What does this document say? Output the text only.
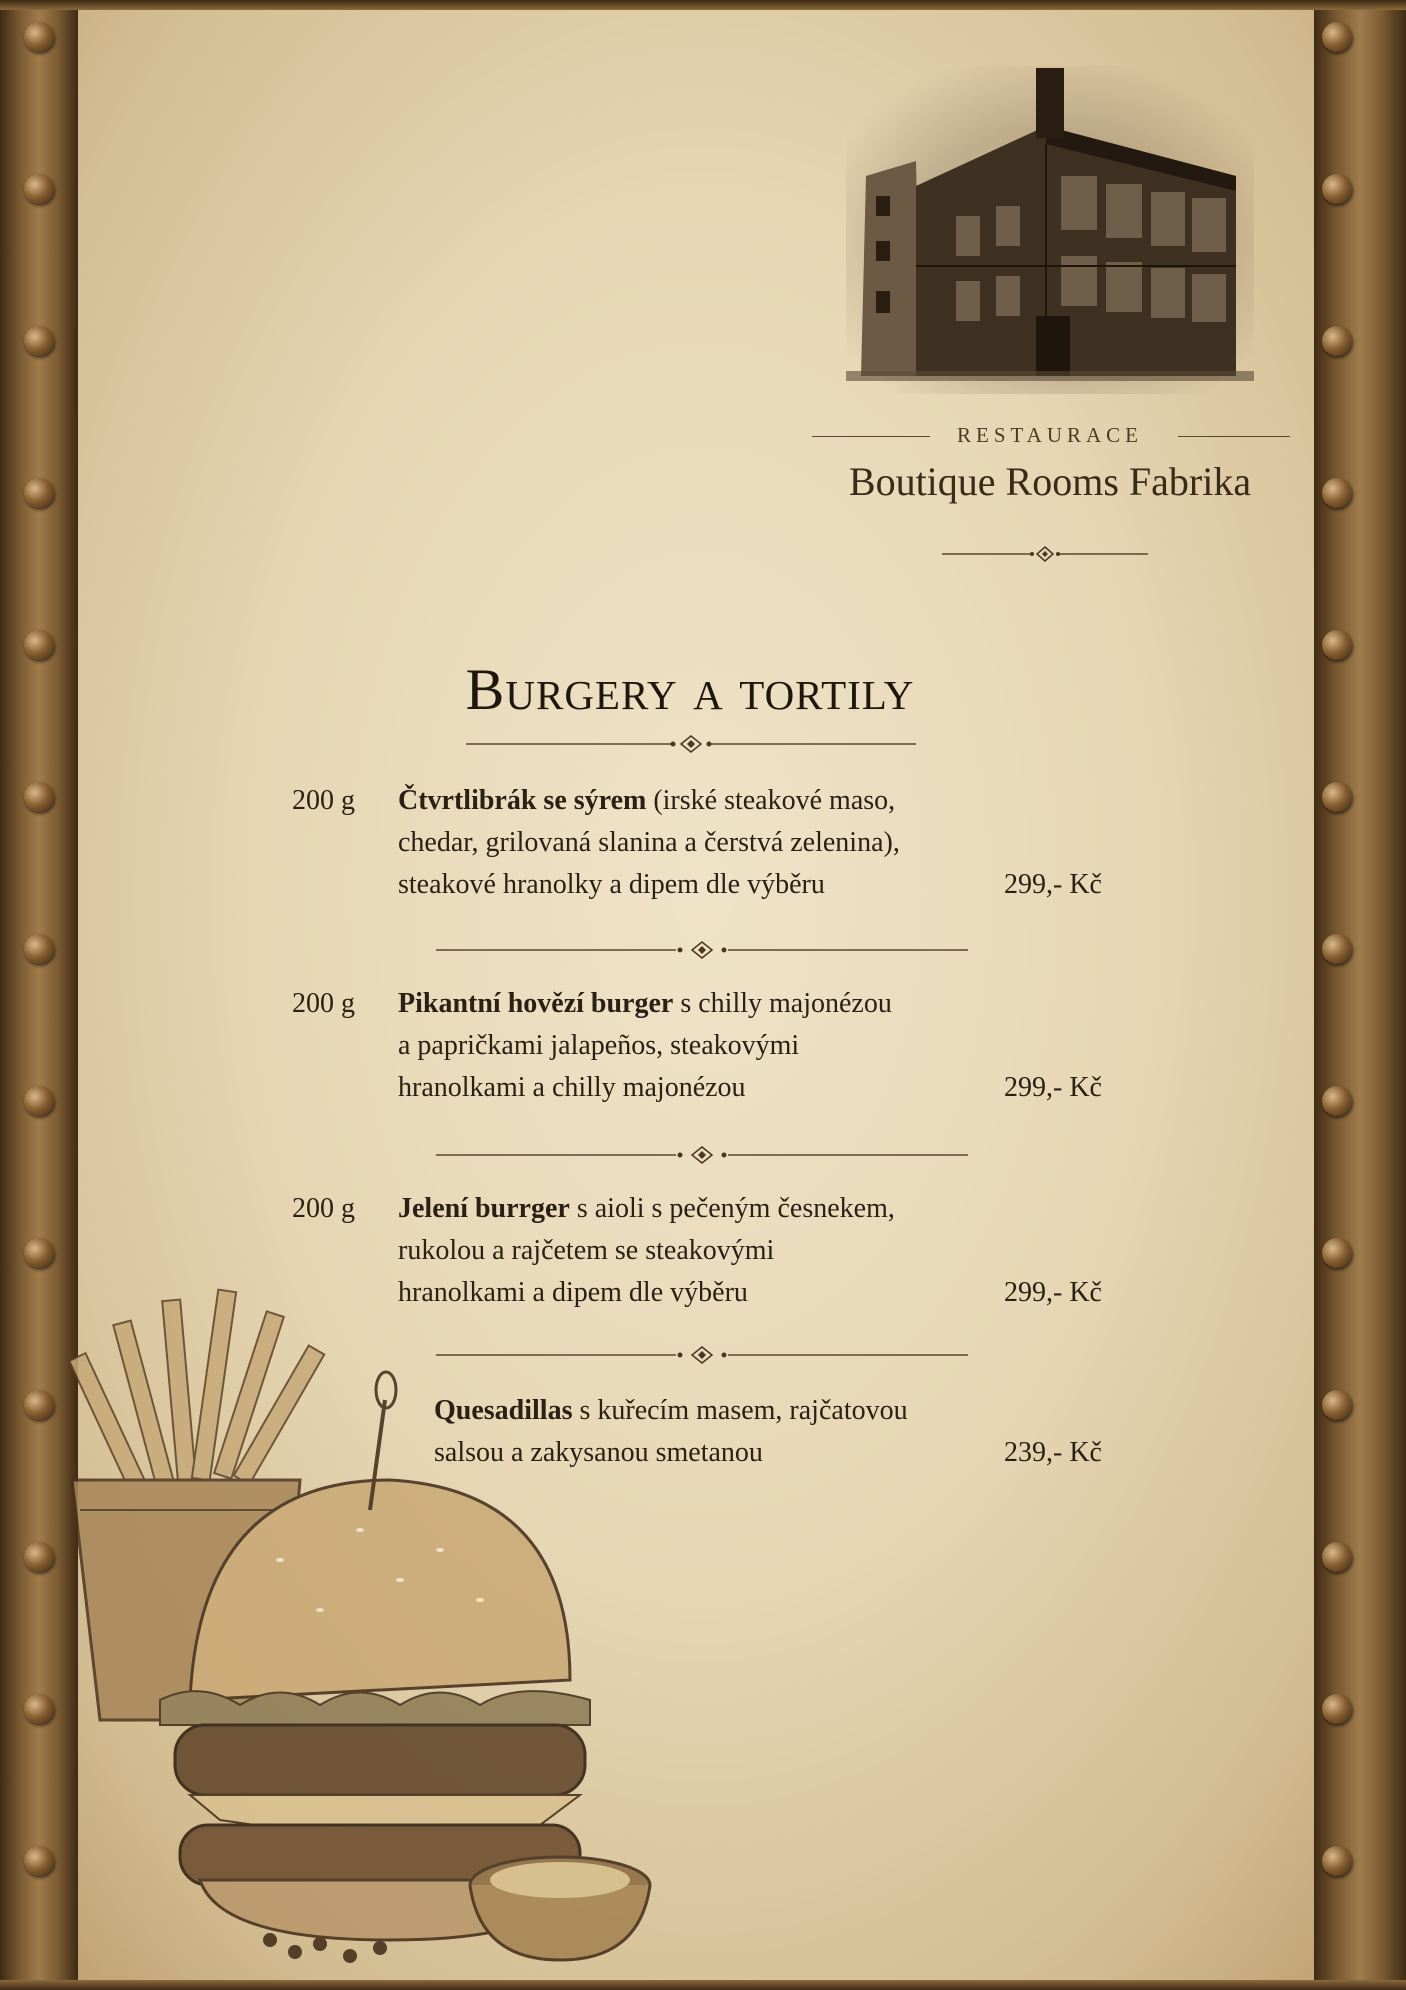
RESTAURACE
Boutique Rooms Fabrika
Burgery a tortily
200 g	Čtvrtlibrák se sýrem (irské steakové maso,
chedar, grilovaná slanina a čerstvá zelenina),
steakové hranolky a dipem dle výběru	299,- Kč
200 g	Pikantní hovězí burger s chilly majonézou
a papričkami jalapeños, steakovými
hranolkami a chilly majonézou	299,- Kč
200 g	Jelení burrger s aioli s pečeným česnekem,
rukolou a rajčetem se steakovými
hranolkami a dipem dle výběru	299,- Kč
Quesadillas s kuřecím masem, rajčatovou
salsou a zakysanou smetanou	239,- Kč
